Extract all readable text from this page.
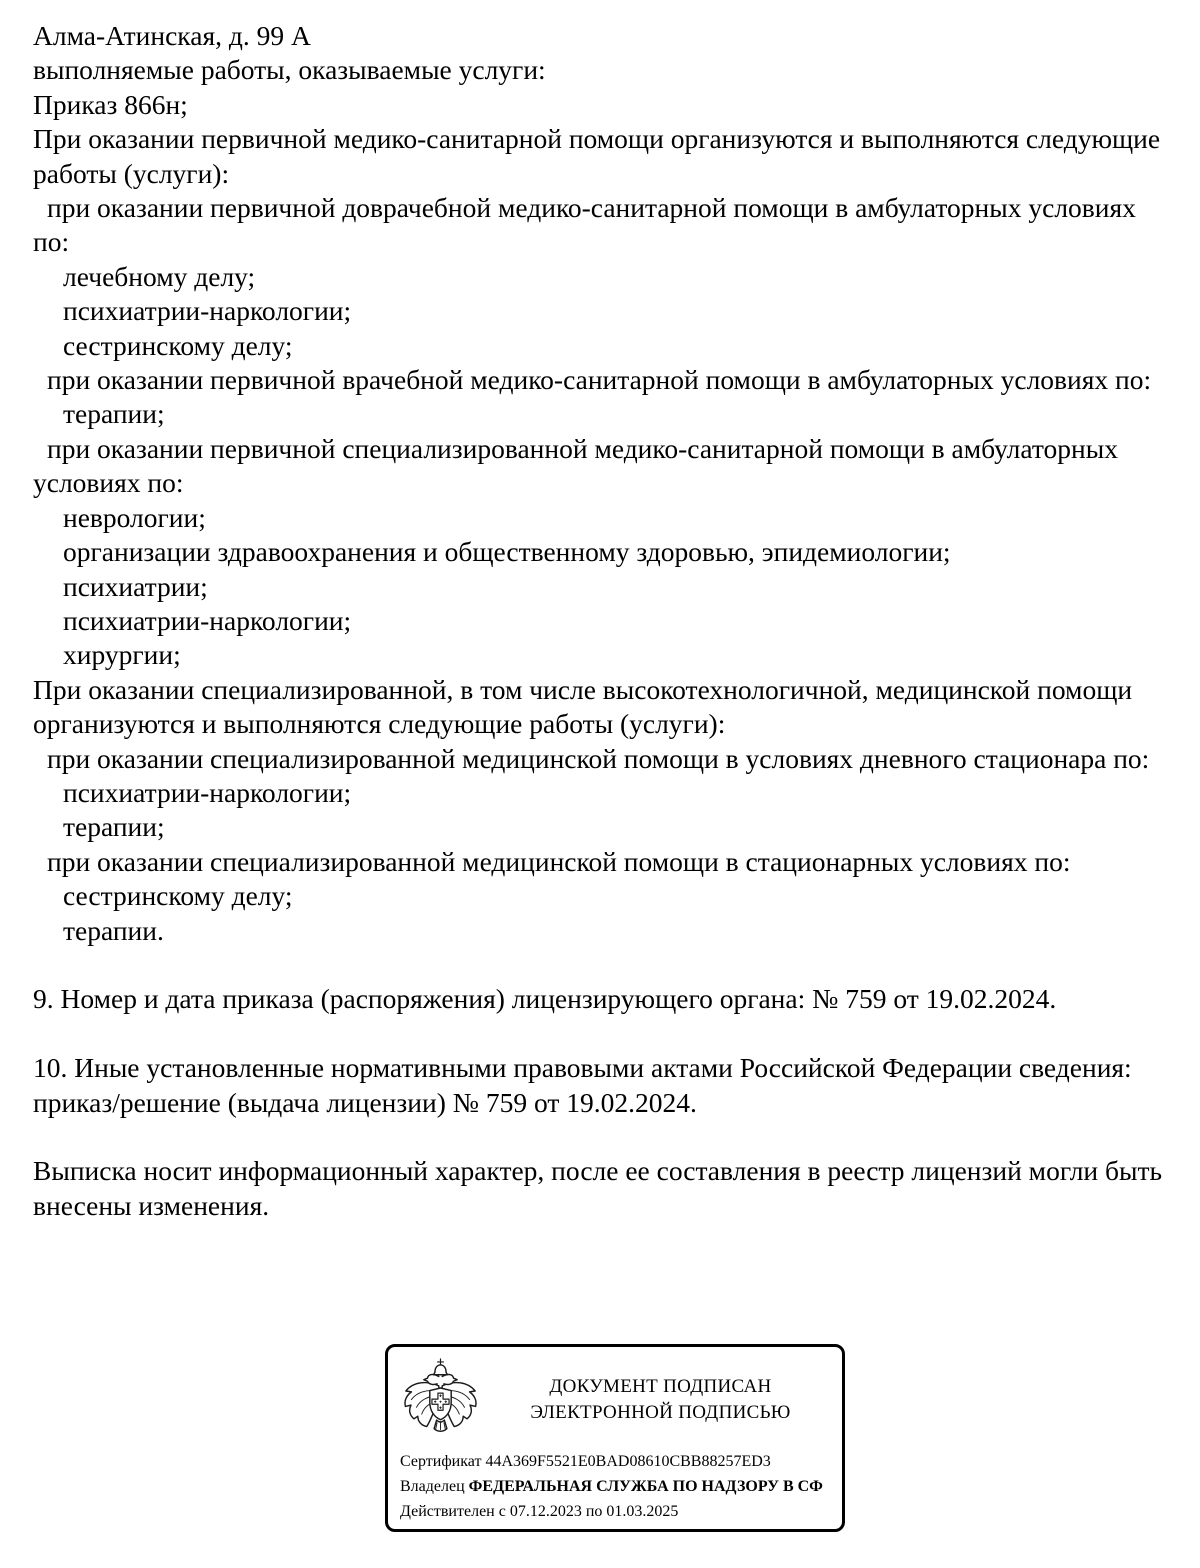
Алма-Атинская, д. 99 А
выполняемые работы, оказываемые услуги:
Приказ 866н;
При оказании первичной медико-санитарной помощи организуются и выполняются следующие
работы (услуги):
при оказании первичной доврачебной медико-санитарной помощи в амбулаторных условиях
по:
лечебному делу;
психиатрии-наркологии;
сестринскому делу;
при оказании первичной врачебной медико-санитарной помощи в амбулаторных условиях по:
терапии;
при оказании первичной специализированной медико-санитарной помощи в амбулаторных
условиях по:
неврологии;
организации здравоохранения и общественному здоровью, эпидемиологии;
психиатрии;
психиатрии-наркологии;
хирургии;
При оказании специализированной, в том числе высокотехнологичной, медицинской помощи
организуются и выполняются следующие работы (услуги):
при оказании специализированной медицинской помощи в условиях дневного стационара по:
психиатрии-наркологии;
терапии;
при оказании специализированной медицинской помощи в стационарных условиях по:
сестринскому делу;
терапии.
9. Номер и дата приказа (распоряжения) лицензирующего органа: № 759 от 19.02.2024.
10. Иные установленные нормативными правовыми актами Российской Федерации сведения:
приказ/решение (выдача лицензии) № 759 от 19.02.2024.
Выписка носит информационный характер, после ее составления в реестр лицензий могли быть
внесены изменения.
ДОКУМЕНТ ПОДПИСАН
ЭЛЕКТРОННОЙ ПОДПИСЬЮ
Сертификат 44A369F5521E0BAD08610CBB88257ED3
Владелец ФЕДЕРАЛЬНАЯ СЛУЖБА ПО НАДЗОРУ В СФ
Действителен с 07.12.2023 по 01.03.2025
